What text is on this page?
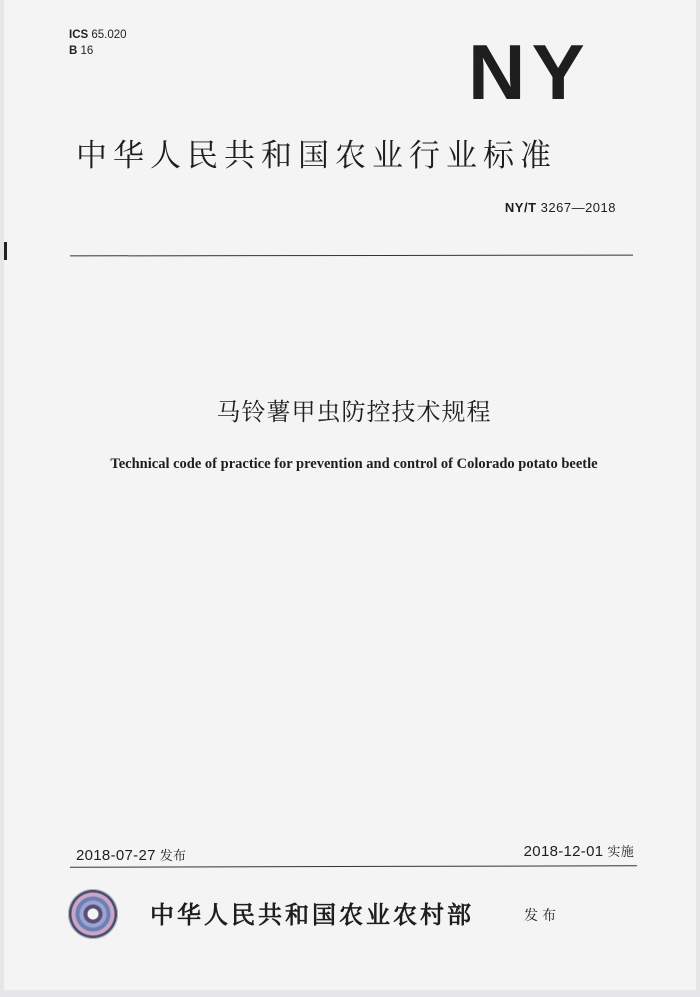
ICS 65.020
B 16	NY
中华人民共和国农业行业标准
NY/T 3267—2018
马铃薯甲虫防控技术规程
Technical code of practice for prevention and control of Colorado potato beetle
2018-07-27 发布	2018-12-01 实施
中华人民共和国农业农村部	发布
